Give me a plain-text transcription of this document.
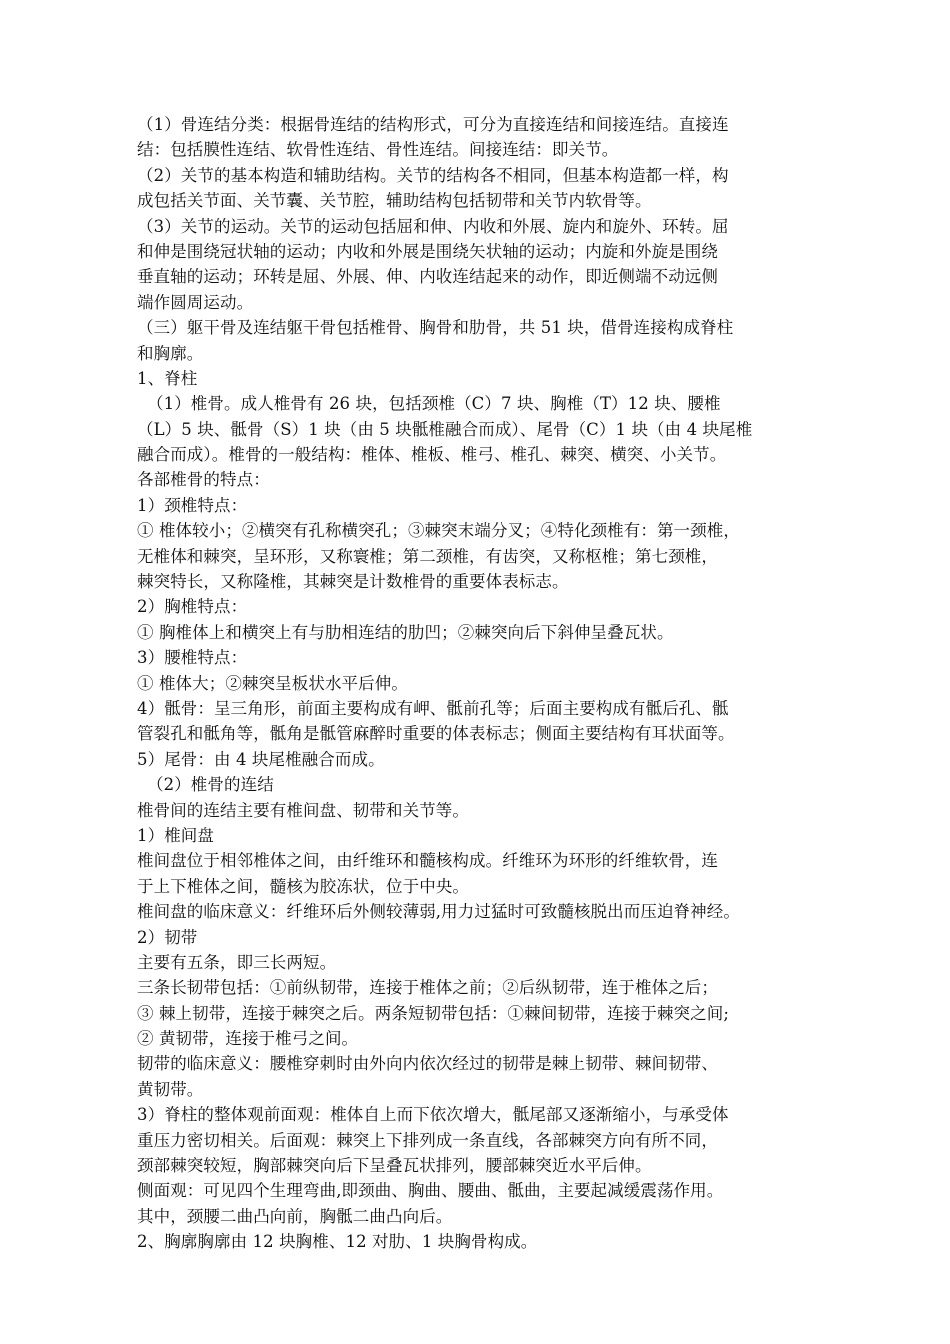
（1）骨连结分类：根据骨连结的结构形式，可分为直接连结和间接连结。直接连
结：包括膜性连结、软骨性连结、骨性连结。间接连结：即关节。
（2）关节的基本构造和辅助结构。关节的结构各不相同，但基本构造都一样，构
成包括关节面、关节囊、关节腔，辅助结构包括韧带和关节内软骨等。
（3）关节的运动。关节的运动包括屈和伸、内收和外展、旋内和旋外、环转。屈
和伸是围绕冠状轴的运动；内收和外展是围绕矢状轴的运动；内旋和外旋是围绕
垂直轴的运动；环转是屈、外展、伸、内收连结起来的动作，即近侧端不动远侧
端作圆周运动。
（三）躯干骨及连结躯干骨包括椎骨、胸骨和肋骨，共 51 块，借骨连接构成脊柱
和胸廓。
1、脊柱
（1）椎骨。成人椎骨有 26 块，包括颈椎（C）7 块、胸椎（T）12 块、腰椎
（L）5 块、骶骨（S）1 块（由 5 块骶椎融合而成）、尾骨（C）1 块（由 4 块尾椎
融合而成）。椎骨的一般结构：椎体、椎板、椎弓、椎孔、棘突、横突、小关节。
各部椎骨的特点：
1）颈椎特点：
① 椎体较小；②横突有孔称横突孔；③棘突末端分叉；④特化颈椎有：第一颈椎，
无椎体和棘突，呈环形，又称寰椎；第二颈椎，有齿突，又称枢椎；第七颈椎，
棘突特长，又称隆椎，其棘突是计数椎骨的重要体表标志。
2）胸椎特点：
① 胸椎体上和横突上有与肋相连结的肋凹；②棘突向后下斜伸呈叠瓦状。
3）腰椎特点：
① 椎体大；②棘突呈板状水平后伸。
4）骶骨：呈三角形，前面主要构成有岬、骶前孔等；后面主要构成有骶后孔、骶
管裂孔和骶角等，骶角是骶管麻醉时重要的体表标志；侧面主要结构有耳状面等。
5）尾骨：由 4 块尾椎融合而成。
（2）椎骨的连结
椎骨间的连结主要有椎间盘、韧带和关节等。
1）椎间盘
椎间盘位于相邻椎体之间，由纤维环和髓核构成。纤维环为环形的纤维软骨，连
于上下椎体之间，髓核为胶冻状，位于中央。
椎间盘的临床意义：纤维环后外侧较薄弱,用力过猛时可致髓核脱出而压迫脊神经。
2）韧带
主要有五条，即三长两短。
三条长韧带包括：①前纵韧带，连接于椎体之前；②后纵韧带，连于椎体之后；
③ 棘上韧带，连接于棘突之后。两条短韧带包括：①棘间韧带，连接于棘突之间;
② 黄韧带，连接于椎弓之间。
韧带的临床意义：腰椎穿刺时由外向内依次经过的韧带是棘上韧带、棘间韧带、
黄韧带。
3）脊柱的整体观前面观：椎体自上而下依次增大，骶尾部又逐渐缩小，与承受体
重压力密切相关。后面观：棘突上下排列成一条直线，各部棘突方向有所不同，
颈部棘突较短，胸部棘突向后下呈叠瓦状排列，腰部棘突近水平后伸。
侧面观：可见四个生理弯曲,即颈曲、胸曲、腰曲、骶曲，主要起减缓震荡作用。
其中，颈腰二曲凸向前，胸骶二曲凸向后。
2、胸廓胸廓由 12 块胸椎、12 对肋、1 块胸骨构成。
